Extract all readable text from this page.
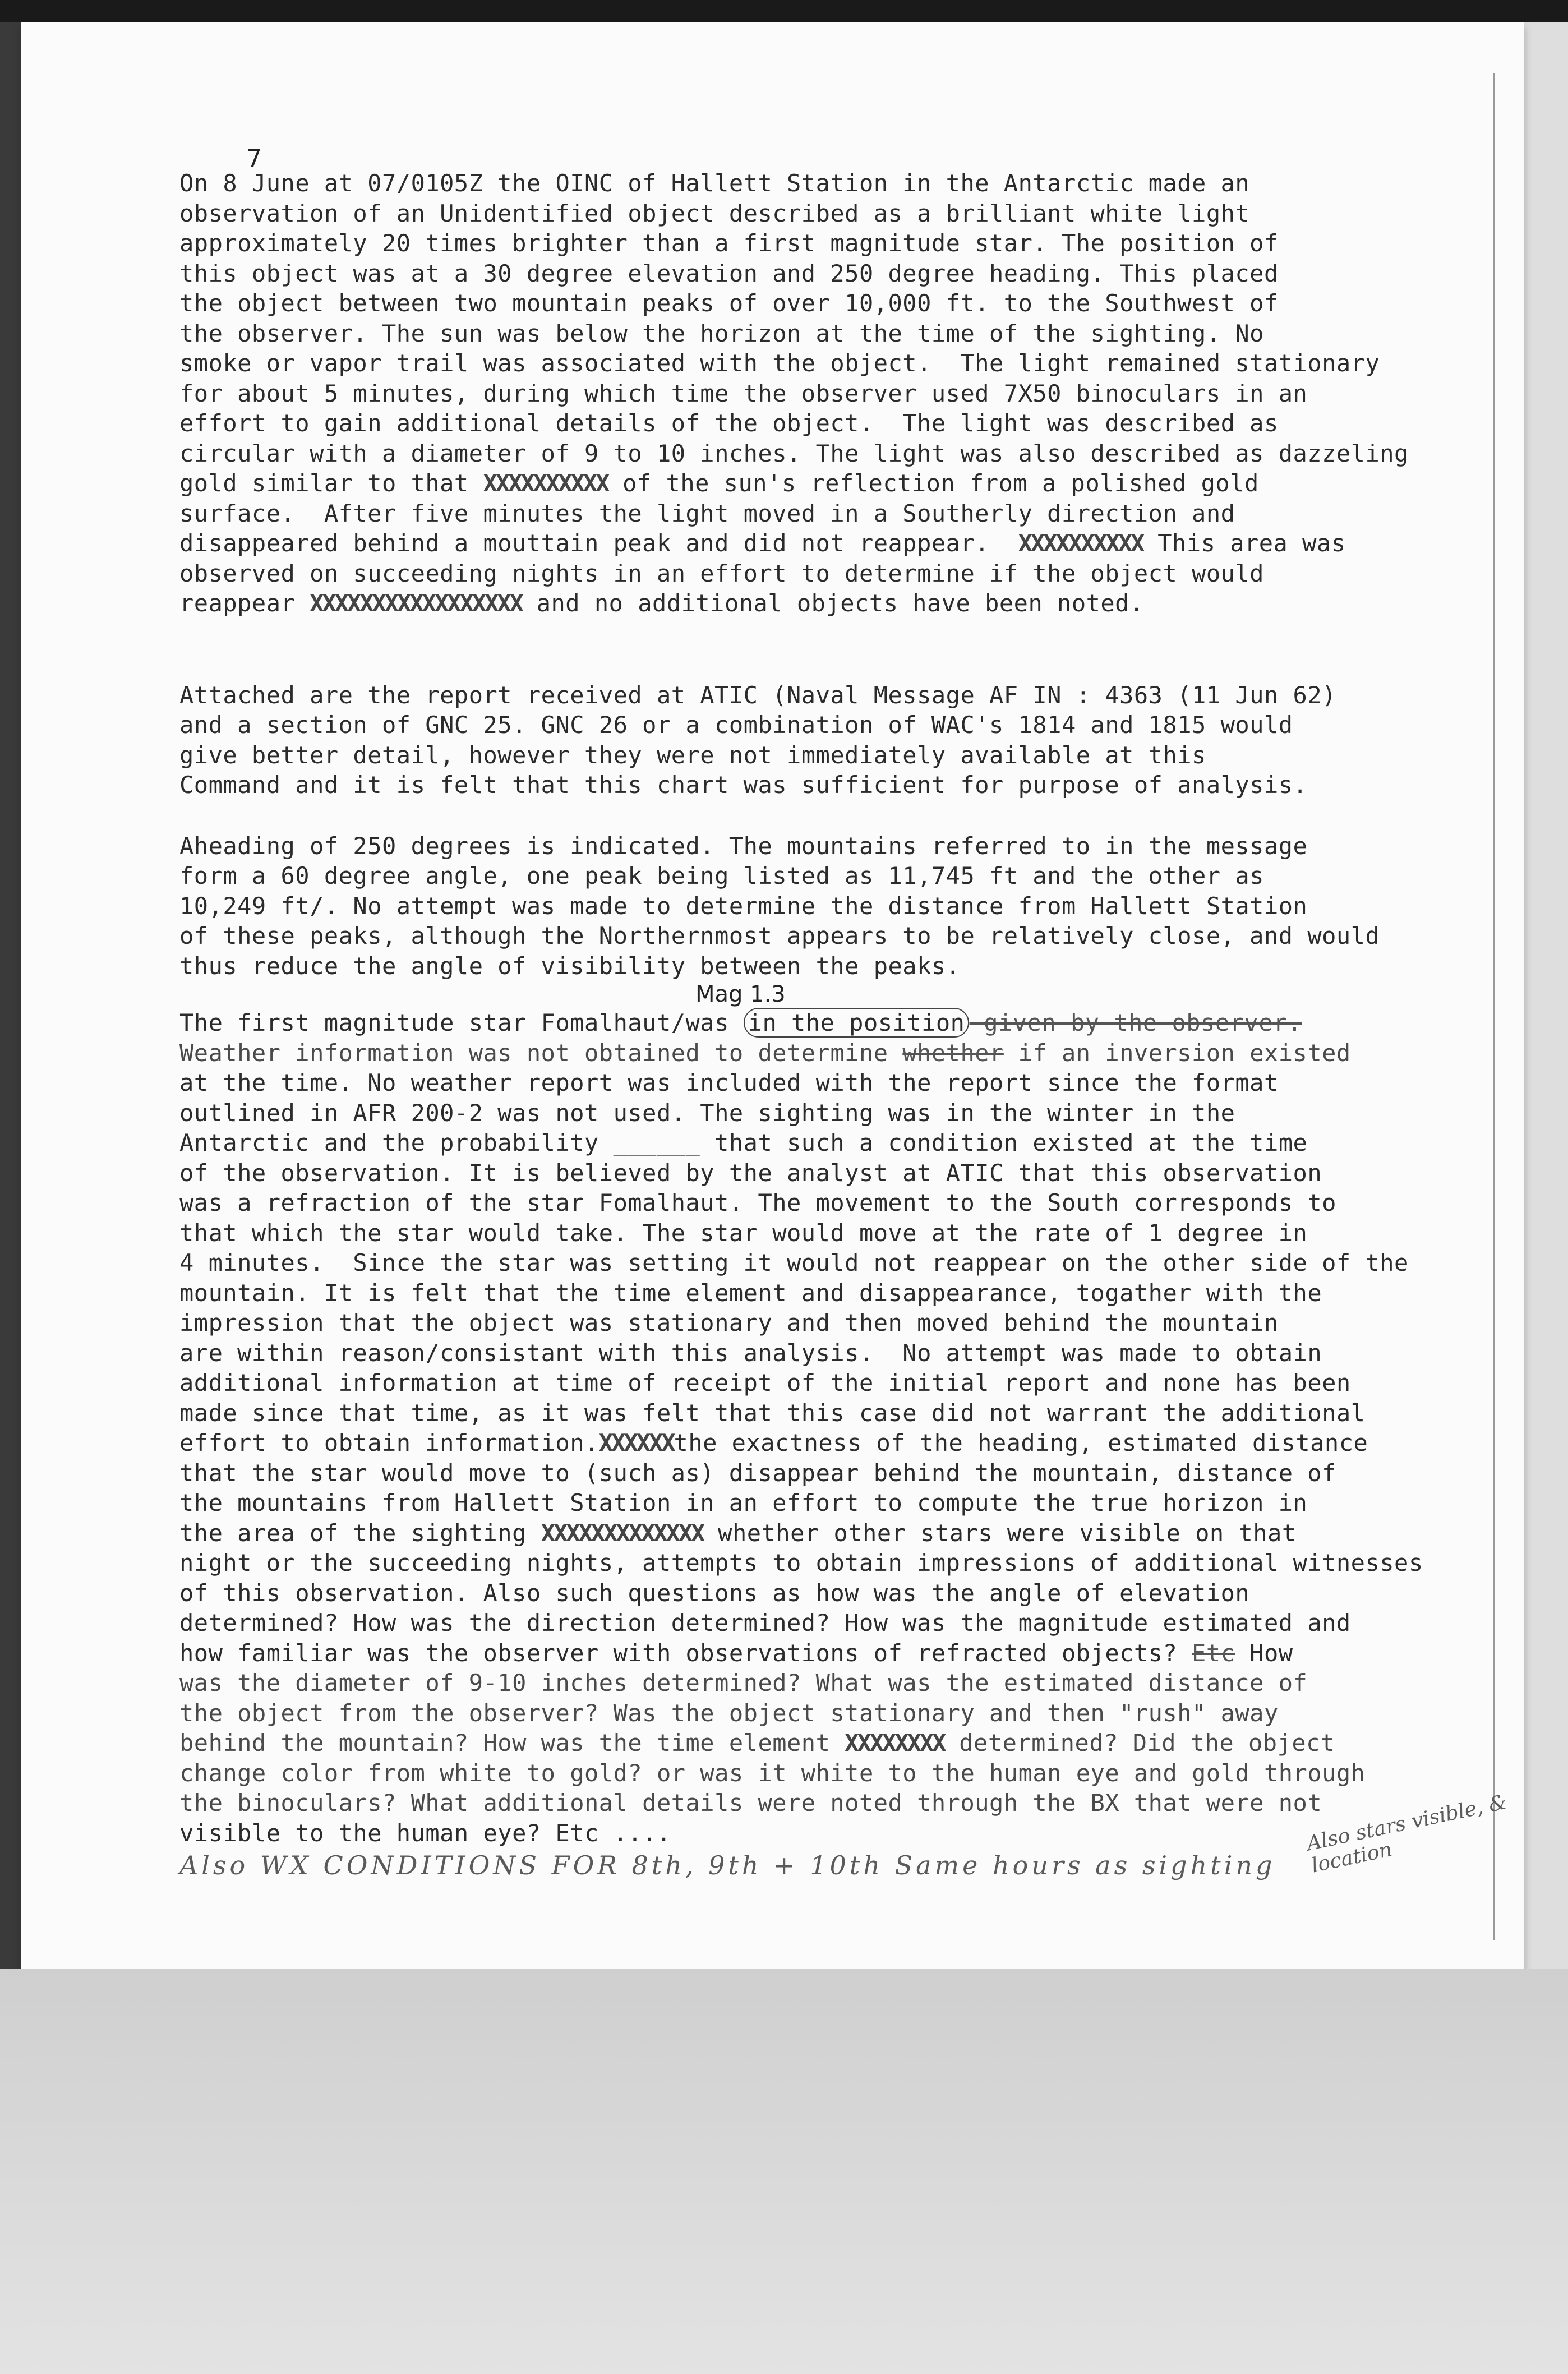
7
On 8 June at 07/0105Z the OINC of Hallett Station in the Antarctic made an
observation of an Unidentified object described as a brilliant white light
approximately 20 times brighter than a first magnitude star. The position of
this object was at a 30 degree elevation and 250 degree heading. This placed
the object between two mountain peaks of over 10,000 ft. to the Southwest of
the observer. The sun was below the horizon at the time of the sighting. No
smoke or vapor trail was associated with the object.  The light remained stationary
for about 5 minutes, during which time the observer used 7X50 binoculars in an
effort to gain additional details of the object.  The light was described as
circular with a diameter of 9 to 10 inches. The light was also described as dazzeling
gold similar to that XXXXXXXXXX of the sun's reflection from a polished gold
surface.  After five minutes the light moved in a Southerly direction and
disappeared behind a mouttain peak and did not reappear.  XXXXXXXXXX This area was
observed on succeeding nights in an effort to determine if the object would
reappear XXXXXXXXXXXXXXXXX and no additional objects have been noted.
Attached are the report received at ATIC (Naval Message AF IN : 4363 (11 Jun 62)
and a section of GNC 25. GNC 26 or a combination of WAC's 1814 and 1815 would
give better detail, however they were not immediately available at this
Command and it is felt that this chart was sufficient for purpose of analysis.
Aheading of 250 degrees is indicated. The mountains referred to in the message
form a 60 degree angle, one peak being listed as 11,745 ft and the other as
10,249 ft/. No attempt was made to determine the distance from Hallett Station
of these peaks, although the Northernmost appears to be relatively close, and would
thus reduce the angle of visibility between the peaks.
Mag 1.3
The first magnitude star Fomalhaut/was in the position given by the observer.
Weather information was not obtained to determine whether if an inversion existed
at the time. No weather report was included with the report since the format
outlined in AFR 200-2 was not used. The sighting was in the winter in the
Antarctic and the probability ______ that such a condition existed at the time
of the observation. It is believed by the analyst at ATIC that this observation
was a refraction of the star Fomalhaut. The movement to the South corresponds to
that which the star would take. The star would move at the rate of 1 degree in
4 minutes.  Since the star was setting it would not reappear on the other side of the
mountain. It is felt that the time element and disappearance, togather with the
impression that the object was stationary and then moved behind the mountain
are within reason/consistant with this analysis.  No attempt was made to obtain
additional information at time of receipt of the initial report and none has been
made since that time, as it was felt that this case did not warrant the additional
effort to obtain information.XXXXXXthe exactness of the heading, estimated distance
that the star would move to (such as) disappear behind the mountain, distance of
the mountains from Hallett Station in an effort to compute the true horizon in
the area of the sighting XXXXXXXXXXXXX whether other stars were visible on that
night or the succeeding nights, attempts to obtain impressions of additional witnesses
of this observation. Also such questions as how was the angle of elevation
determined? How was the direction determined? How was the magnitude estimated and
how familiar was the observer with observations of refracted objects? Etc How
was the diameter of 9-10 inches determined? What was the estimated distance of
the object from the observer? Was the object stationary and then "rush" away
behind the mountain? How was the time element XXXXXXXX determined? Did the object
change color from white to gold? or was it white to the human eye and gold through
the binoculars? What additional details were noted through the BX that were not
visible to the human eye? Etc ....
Also WX CONDITIONS FOR 8th, 9th + 10th Same hours as sighting
Also stars visible, & location
